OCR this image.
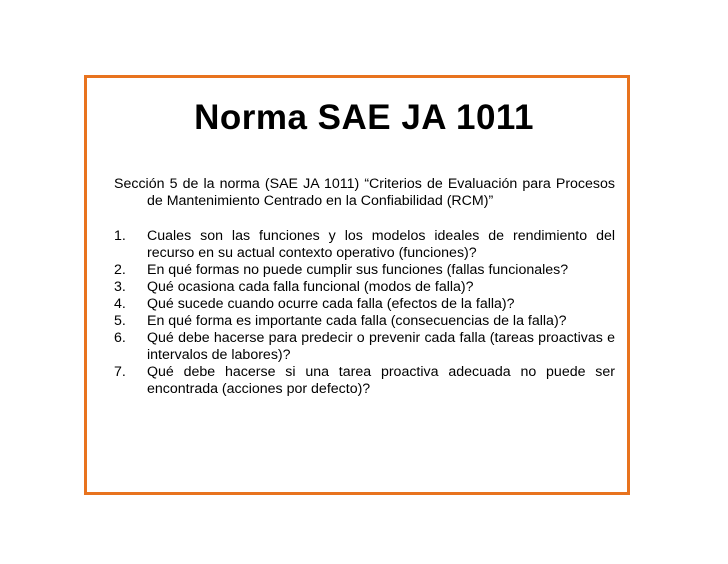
Norma SAE JA 1011

Sección 5 de la norma (SAE JA 1011) “Criterios de Evaluación para Procesos de Mantenimiento Centrado en la Confiabilidad (RCM)”

1.	Cuales son las funciones y los modelos ideales de rendimiento del recurso en su actual contexto operativo (funciones)?
2.	En qué formas no puede cumplir sus funciones (fallas funcionales?
3.	Qué ocasiona cada falla funcional (modos de falla)?
4.	Qué sucede cuando ocurre cada falla (efectos de la falla)?
5.	En qué forma es importante cada falla (consecuencias de la falla)?
6.	Qué debe hacerse para predecir o prevenir cada falla (tareas proactivas e intervalos de labores)?
7.	Qué debe hacerse si una tarea proactiva adecuada no puede ser encontrada (acciones por defecto)?
